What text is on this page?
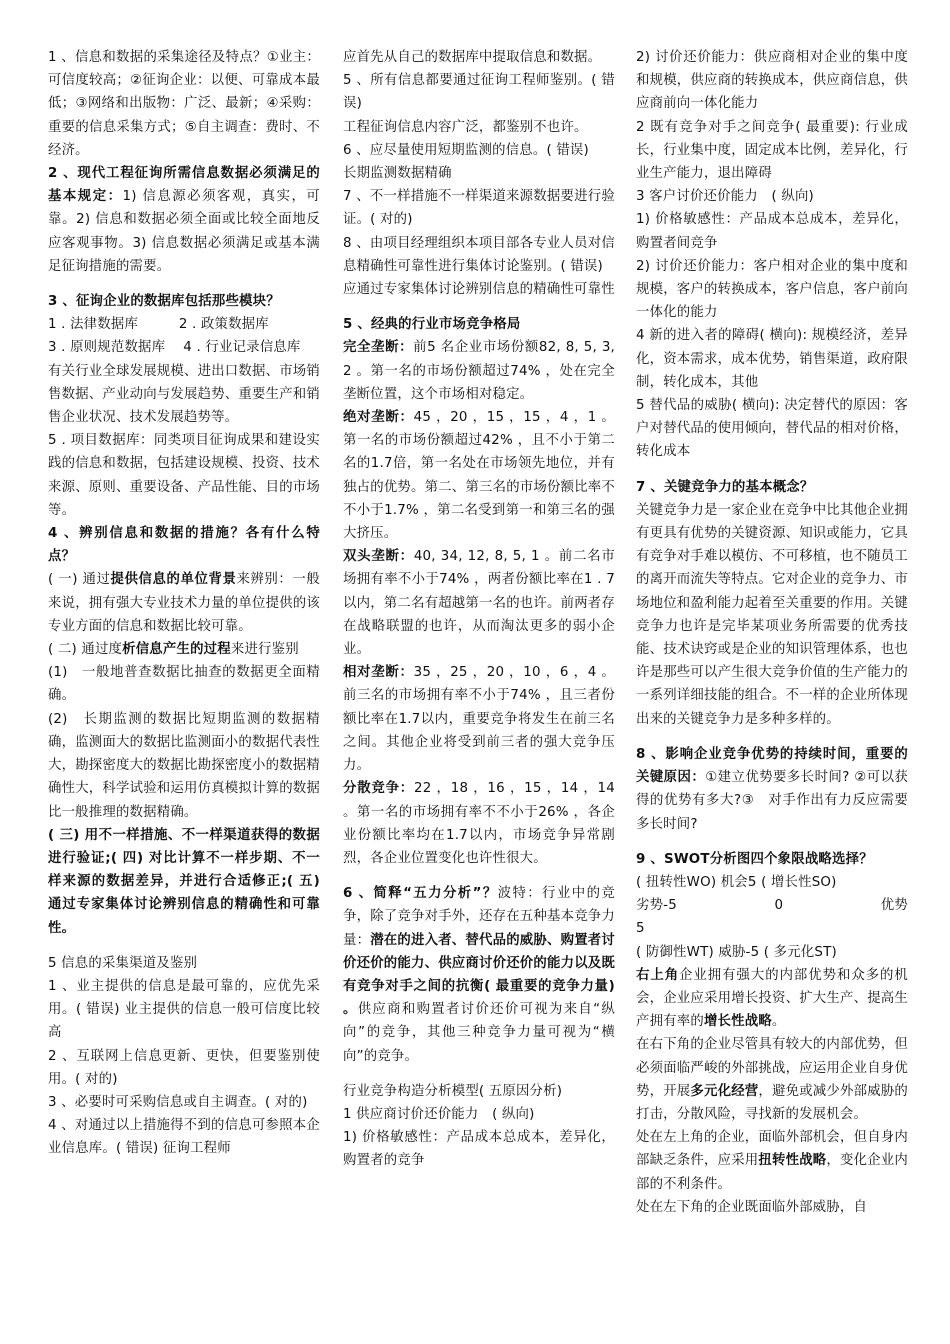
1 、信息和数据的采集途径及特点？①业主：可信度较高；②征询企业：以便、可靠成本最低；③网络和出版物：广泛、最新；④采购：重要的信息采集方式；⑤自主调查：费时、不经济。
2 、现代工程征询所需信息数据必须满足的基本规定：1) 信息源必须客观，真实，可靠。2) 信息和数据必须全面或比较全面地反应客观事物。3) 信息数据必须满足或基本满足征询措施的需要。
3 、征询企业的数据库包括那些模块？
1 . 法律数据库　　　2 . 政策数据库
3 . 原则规范数据库　 4 . 行业记录信息库
有关行业全球发展规模、进出口数据、市场销售数据、产业动向与发展趋势、重要生产和销售企业状况、技术发展趋势等。
5 . 项目数据库：同类项目征询成果和建设实践的信息和数据，包括建设规模、投资、技术来源、原则、重要设备、产品性能、目的市场等。
4 、辨别信息和数据的措施？各有什么特点？
( 一) 通过提供信息的单位背景来辨别：一般来说，拥有强大专业技术力量的单位提供的该专业方面的信息和数据比较可靠。
( 二) 通过度析信息产生的过程来进行鉴别
(1)　一般地普查数据比抽查的数据更全面精确。
(2)　长期监测的数据比短期监测的数据精确，监测面大的数据比监测面小的数据代表性大，勘探密度大的数据比勘探密度小的数据精确性大，科学试验和运用仿真模拟计算的数据比一般推理的数据精确。
( 三) 用不一样措施、不一样渠道获得的数据进行验证;( 四) 对比计算不一样步期、不一样来源的数据差异，并进行合适修正;( 五) 通过专家集体讨论辨别信息的精确性和可靠性。
5 信息的采集渠道及鉴别
1 、业主提供的信息是最可靠的，应优先采用。( 错误) 业主提供的信息一般可信度比较高
2 、互联网上信息更新、更快，但要鉴别使用。( 对的)
3 、必要时可采购信息或自主调查。( 对的)
4 、对通过以上措施得不到的信息可参照本企业信息库。( 错误) 征询工程师
应首先从自己的数据库中提取信息和数据。
5 、所有信息都要通过征询工程师鉴别。( 错误)
工程征询信息内容广泛，都鉴别不也许。
6 、应尽量使用短期监测的信息。( 错误)
长期监测数据精确
7 、不一样措施不一样渠道来源数据要进行验证。( 对的)
8 、由项目经理组织本项目部各专业人员对信息精确性可靠性进行集体讨论鉴别。( 错误)
应通过专家集体讨论辨别信息的精确性可靠性
5 、经典的行业市场竞争格局
完全垄断：前5 名企业市场份额82, 8, 5, 3, 2 。第一名的市场份额超过74% ，处在完全垄断位置，这个市场相对稳定。
绝对垄断：45 ，20 ，15 ，15 ，4 ，1 。第一名的市场份额超过42% ，且不小于第二名的1.7倍，第一名处在市场领先地位，并有独占的优势。第二、第三名的市场份额比率不不小于1.7% ，第二名受到第一和第三名的强大挤压。
双头垄断：40, 34, 12, 8, 5, 1 。前二名市场拥有率不小于74% ，两者份额比率在1 . 7 以内，第二名有超越第一名的也许。前两者存在战略联盟的也许，从而淘汰更多的弱小企业。
相对垄断：35 ，25 ，20 ，10 ，6 ，4 。前三名的市场拥有率不小于74% ，且三者份额比率在1.7以内，重要竞争将发生在前三名之间。其他企业将受到前三者的强大竞争压力。
分散竞争：22 ，18 ，16 ，15 ，14 ，14 。第一名的市场拥有率不不小于26% ，各企业份额比率均在1.7以内，市场竞争异常剧烈，各企业位置变化也许性很大。
6 、简释“五力分析”？波特：行业中的竞争，除了竞争对手外，还存在五种基本竞争力量：潜在的进入者、替代品的威胁、购置者讨价还价的能力、供应商讨价还价的能力以及既有竞争对手之间的抗衡( 最重要的竞争力量) 。供应商和购置者讨价还价可视为来自“纵向”的竞争，其他三种竞争力量可视为“横向”的竞争。
行业竞争构造分析模型( 五原因分析)
1 供应商讨价还价能力　( 纵向)
1) 价格敏感性：产品成本总成本，差异化，购置者的竞争
2) 讨价还价能力：供应商相对企业的集中度和规模，供应商的转换成本，供应商信息，供应商前向一体化能力
2 既有竞争对手之间竞争( 最重要): 行业成长，行业集中度，固定成本比例，差异化，行业生产能力，退出障碍
3 客户讨价还价能力　( 纵向)
1) 价格敏感性：产品成本总成本，差异化，购置者间竞争
2) 讨价还价能力：客户相对企业的集中度和规模，客户的转换成本，客户信息，客户前向一体化的能力
4 新的进入者的障碍( 横向): 规模经济，差异化，资本需求，成本优势，销售渠道，政府限制，转化成本，其他
5 替代品的威胁( 横向): 决定替代的原因：客户对替代品的使用倾向，替代品的相对价格，转化成本
7 、关键竞争力的基本概念？
关键竞争力是一家企业在竞争中比其他企业拥有更具有优势的关键资源、知识或能力，它具有竞争对手难以模仿、不可移植，也不随员工的离开而流失等特点。它对企业的竞争力、市场地位和盈利能力起着至关重要的作用。关键竞争力也许是完毕某项业务所需要的优秀技能、技术诀窍或是企业的知识管理体系，也也许是那些可以产生很大竞争价值的生产能力的一系列详细技能的组合。不一样的企业所体现出来的关键竞争力是多种多样的。
8 、影响企业竞争优势的持续时间，重要的关键原因：①建立优势要多长时间? ②可以获得的优势有多大?③　对手作出有力反应需要多长时间?
9 、SWOT分析图四个象限战略选择？
( 扭转性WO) 机会5 ( 增长性SO)
劣势-5	0	优势
5
( 防御性WT) 威胁-5 ( 多元化ST)
右上角企业拥有强大的内部优势和众多的机会，企业应采用增长投资、扩大生产、提高生产拥有率的增长性战略。
在右下角的企业尽管具有较大的内部优势，但必须面临严峻的外部挑战，应运用企业自身优势，开展多元化经营，避免或减少外部威胁的打击，分散风险，寻找新的发展机会。
处在左上角的企业，面临外部机会，但自身内部缺乏条件，应采用扭转性战略，变化企业内部的不利条件。
处在左下角的企业既面临外部威胁，自
